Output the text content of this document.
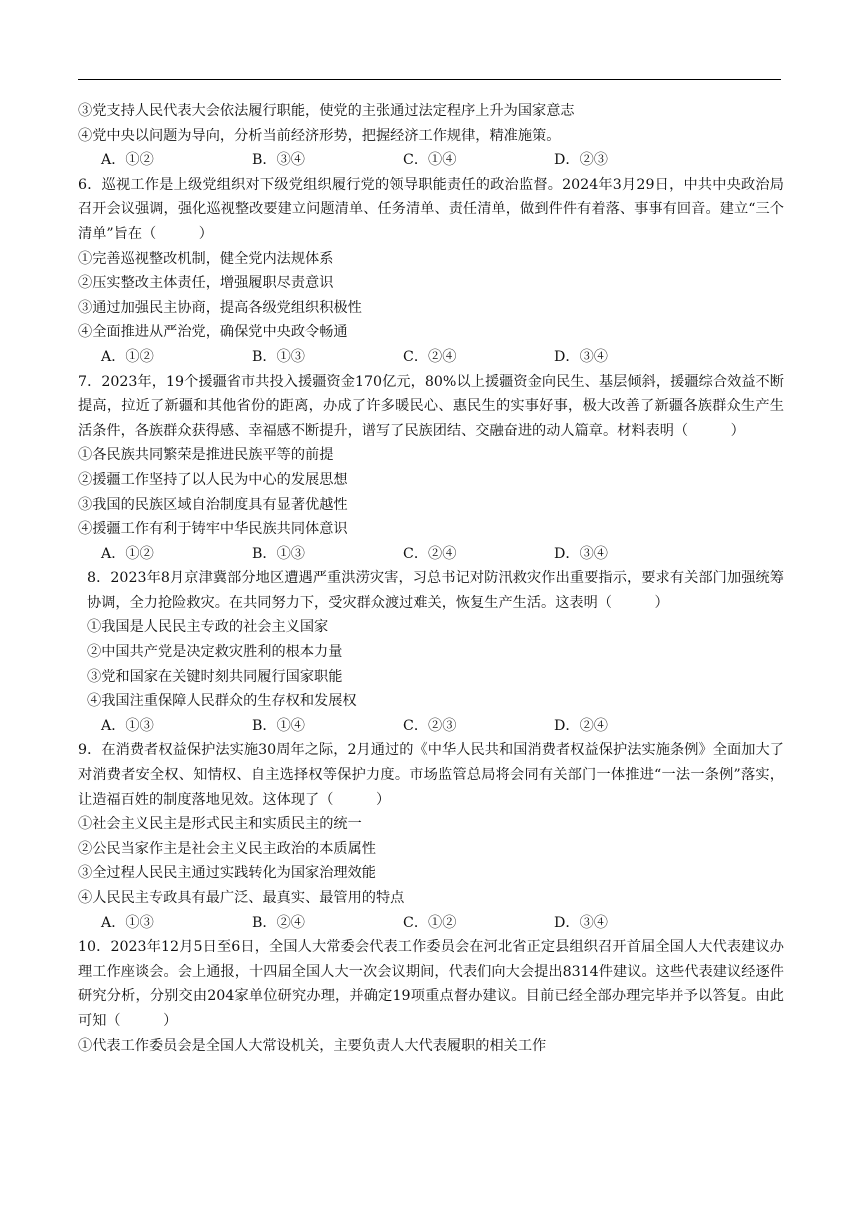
③党支持人民代表大会依法履行职能，使党的主张通过法定程序上升为国家意志
④党中央以问题为导向，分析当前经济形势，把握经济工作规律，精准施策。
A．①②	B．③④	C．①④	D．②③
6．巡视工作是上级党组织对下级党组织履行党的领导职能责任的政治监督。2024年3月29日，中共中央政治局召开会议强调，强化巡视整改要建立问题清单、任务清单、责任清单，做到件件有着落、事事有回音。建立“三个清单”旨在（　　　）
①完善巡视整改机制，健全党内法规体系
②压实整改主体责任，增强履职尽责意识
③通过加强民主协商，提高各级党组织积极性
④全面推进从严治党，确保党中央政令畅通
A．①②	B．①③	C．②④	D．③④
7．2023年，19个援疆省市共投入援疆资金170亿元，80%以上援疆资金向民生、基层倾斜，援疆综合效益不断提高，拉近了新疆和其他省份的距离，办成了许多暖民心、惠民生的实事好事，极大改善了新疆各族群众生产生活条件，各族群众获得感、幸福感不断提升，谱写了民族团结、交融奋进的动人篇章。材料表明（　　　）
①各民族共同繁荣是推进民族平等的前提
②援疆工作坚持了以人民为中心的发展思想
③我国的民族区域自治制度具有显著优越性
④援疆工作有利于铸牢中华民族共同体意识
A．①②	B．①③	C．②④	D．③④
8．2023年8月京津冀部分地区遭遇严重洪涝灾害，习总书记对防汛救灾作出重要指示，要求有关部门加强统筹协调，全力抢险救灾。在共同努力下，受灾群众渡过难关，恢复生产生活。这表明（　　　）
①我国是人民民主专政的社会主义国家
②中国共产党是决定救灾胜利的根本力量
③党和国家在关键时刻共同履行国家职能
④我国注重保障人民群众的生存权和发展权
A．①③	B．①④	C．②③	D．②④
9．在消费者权益保护法实施30周年之际，2月通过的《中华人民共和国消费者权益保护法实施条例》全面加大了对消费者安全权、知情权、自主选择权等保护力度。市场监管总局将会同有关部门一体推进“一法一条例”落实，让造福百姓的制度落地见效。这体现了（　　　）
①社会主义民主是形式民主和实质民主的统一
②公民当家作主是社会主义民主政治的本质属性
③全过程人民民主通过实践转化为国家治理效能
④人民民主专政具有最广泛、最真实、最管用的特点
A．①③	B．②④	C．①②	D．③④
10．2023年12月5日至6日，全国人大常委会代表工作委员会在河北省正定县组织召开首届全国人大代表建议办理工作座谈会。会上通报，十四届全国人大一次会议期间，代表们向大会提出8314件建议。这些代表建议经逐件研究分析，分别交由204家单位研究办理，并确定19项重点督办建议。目前已经全部办理完毕并予以答复。由此可知（　　　）
①代表工作委员会是全国人大常设机关，主要负责人大代表履职的相关工作
